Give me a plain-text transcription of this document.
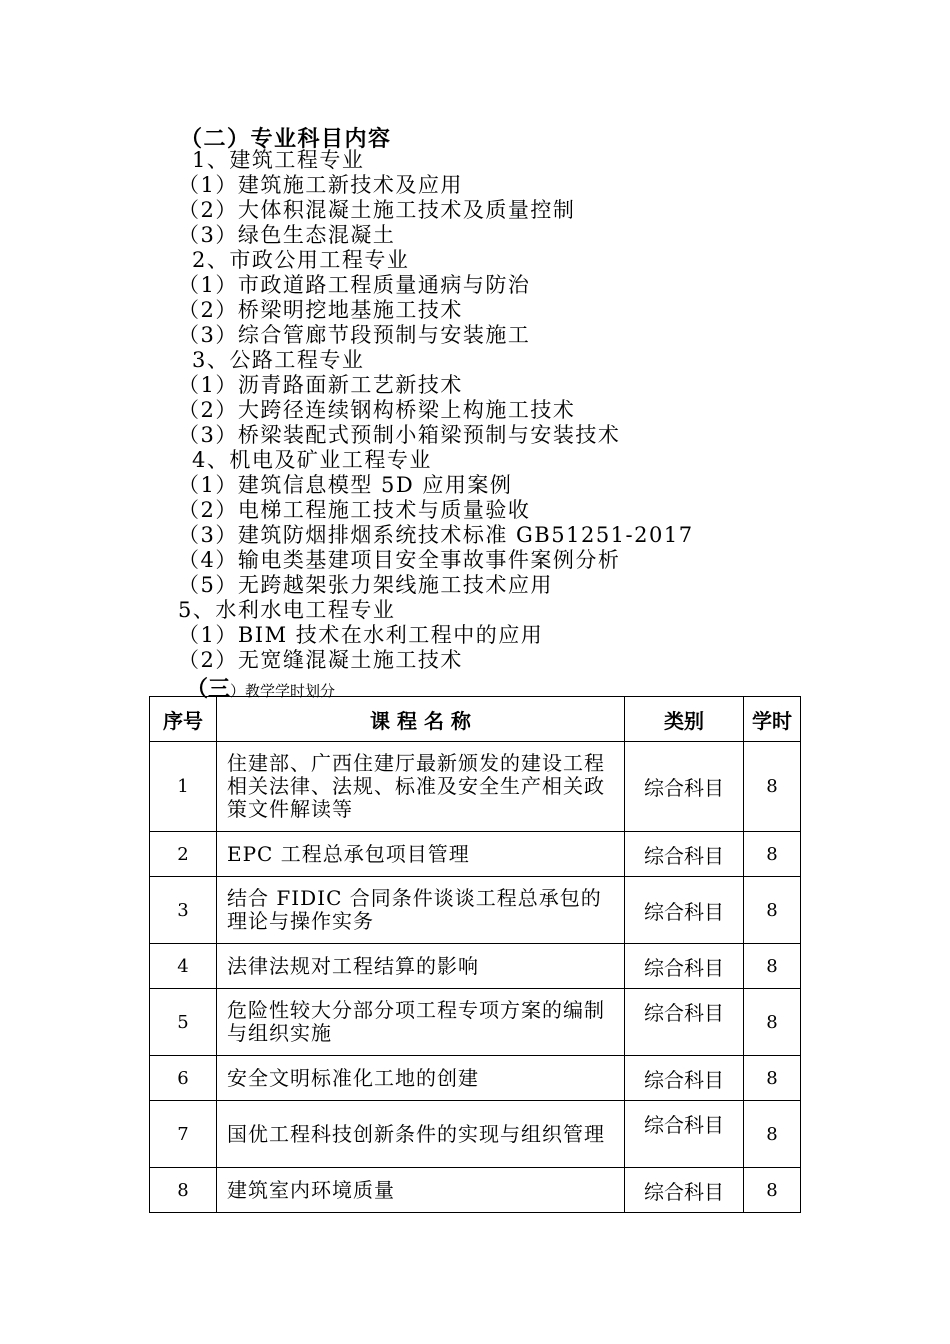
（二）专业科目内容
1、建筑工程专业
（1）建筑施工新技术及应用
（2）大体积混凝土施工技术及质量控制
（3）绿色生态混凝土
2、市政公用工程专业
（1）市政道路工程质量通病与防治
（2）桥梁明挖地基施工技术
（3）综合管廊节段预制与安装施工
3、公路工程专业
（1）沥青路面新工艺新技术
（2）大跨径连续钢构桥梁上构施工技术
（3）桥梁装配式预制小箱梁预制与安装技术
4、机电及矿业工程专业
（1）建筑信息模型 5D 应用案例
（2）电梯工程施工技术与质量验收
（3）建筑防烟排烟系统技术标准 GB51251-2017
（4）输电类基建项目安全事故事件案例分析
（5）无跨越架张力架线施工技术应用
5、水利水电工程专业
（1）BIM 技术在水利工程中的应用
（2）无宽缝混凝土施工技术
（三）教学学时划分
序号	课 程 名 称	类别	学时
1	住建部、广西住建厅最新颁发的建设工程相关法律、法规、标准及安全生产相关政策文件解读等	综合科目	8
2	EPC 工程总承包项目管理	综合科目	8
3	结合 FIDIC 合同条件谈谈工程总承包的理论与操作实务	综合科目	8
4	法律法规对工程结算的影响	综合科目	8
5	危险性较大分部分项工程专项方案的编制与组织实施	综合科目	8
6	安全文明标准化工地的创建	综合科目	8
7	国优工程科技创新条件的实现与组织管理	综合科目	8
8	建筑室内环境质量	综合科目	8
